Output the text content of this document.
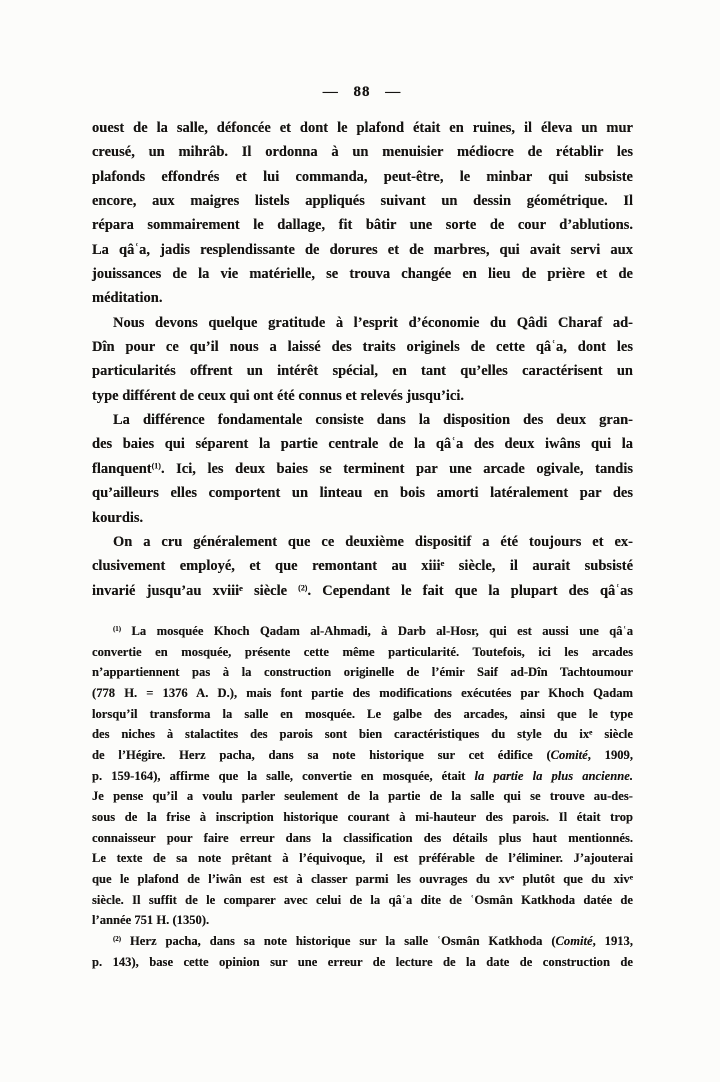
— 88 —
ouest de la salle, défoncée et dont le plafond était en ruines, il éleva un mur
creusé, un mihrâb. Il ordonna à un menuisier médiocre de rétablir les
plafonds effondrés et lui commanda, peut-être, le minbar qui subsiste
encore, aux maigres listels appliqués suivant un dessin géométrique. Il
répara sommairement le dallage, fit bâtir une sorte de cour d’ablutions.
La qâʿa, jadis resplendissante de dorures et de marbres, qui avait servi aux
jouissances de la vie matérielle, se trouva changée en lieu de prière et de
méditation.
Nous devons quelque gratitude à l’esprit d’économie du Qâdi Charaf ad-
Dîn pour ce qu’il nous a laissé des traits originels de cette qâʿa, dont les
particularités offrent un intérêt spécial, en tant qu’elles caractérisent un
type différent de ceux qui ont été connus et relevés jusqu’ici.
La différence fondamentale consiste dans la disposition des deux gran-
des baies qui séparent la partie centrale de la qâʿa des deux iwâns qui la
flanquent$^{(1)}$. Ici, les deux baies se terminent par une arcade ogivale, tandis
qu’ailleurs elles comportent un linteau en bois amorti latéralement par des
kourdis.
On a cru généralement que ce deuxième dispositif a été toujours et ex-
clusivement employé, et que remontant au xiiiᵉ siècle, il aurait subsisté
invarié jusqu’au xviiiᵉ siècle $^{(2)}$. Cependant le fait que la plupart des qâʿas
$^{(1)}$ La mosquée Khoch Qadam al-Ahmadi, à Darb al-Hosr, qui est aussi une qâʿa
convertie en mosquée, présente cette même particularité. Toutefois, ici les arcades
n’appartiennent pas à la construction originelle de l’émir Saif ad-Dîn Tachtoumour
(778 H. = 1376 A. D.), mais font partie des modifications exécutées par Khoch Qadam
lorsqu’il transforma la salle en mosquée. Le galbe des arcades, ainsi que le type
des niches à stalactites des parois sont bien caractéristiques du style du ixᵉ siècle
de l’Hégire. Herz pacha, dans sa note historique sur cet édifice (Comité, 1909,
p. 159-164), affirme que la salle, convertie en mosquée, était la partie la plus ancienne.
Je pense qu’il a voulu parler seulement de la partie de la salle qui se trouve au-des-
sous de la frise à inscription historique courant à mi-hauteur des parois. Il était trop
connaisseur pour faire erreur dans la classification des détails plus haut mentionnés.
Le texte de sa note prêtant à l’équivoque, il est préférable de l’éliminer. J’ajouterai
que le plafond de l’iwân est est à classer parmi les ouvrages du xvᵉ plutôt que du xivᵉ
siècle. Il suffit de le comparer avec celui de la qâʿa dite de ʿOsmân Katkhoda datée de
l’année 751 H. (1350).
$^{(2)}$ Herz pacha, dans sa note historique sur la salle ʿOsmân Katkhoda (Comité, 1913,
p. 143), base cette opinion sur une erreur de lecture de la date de construction de
